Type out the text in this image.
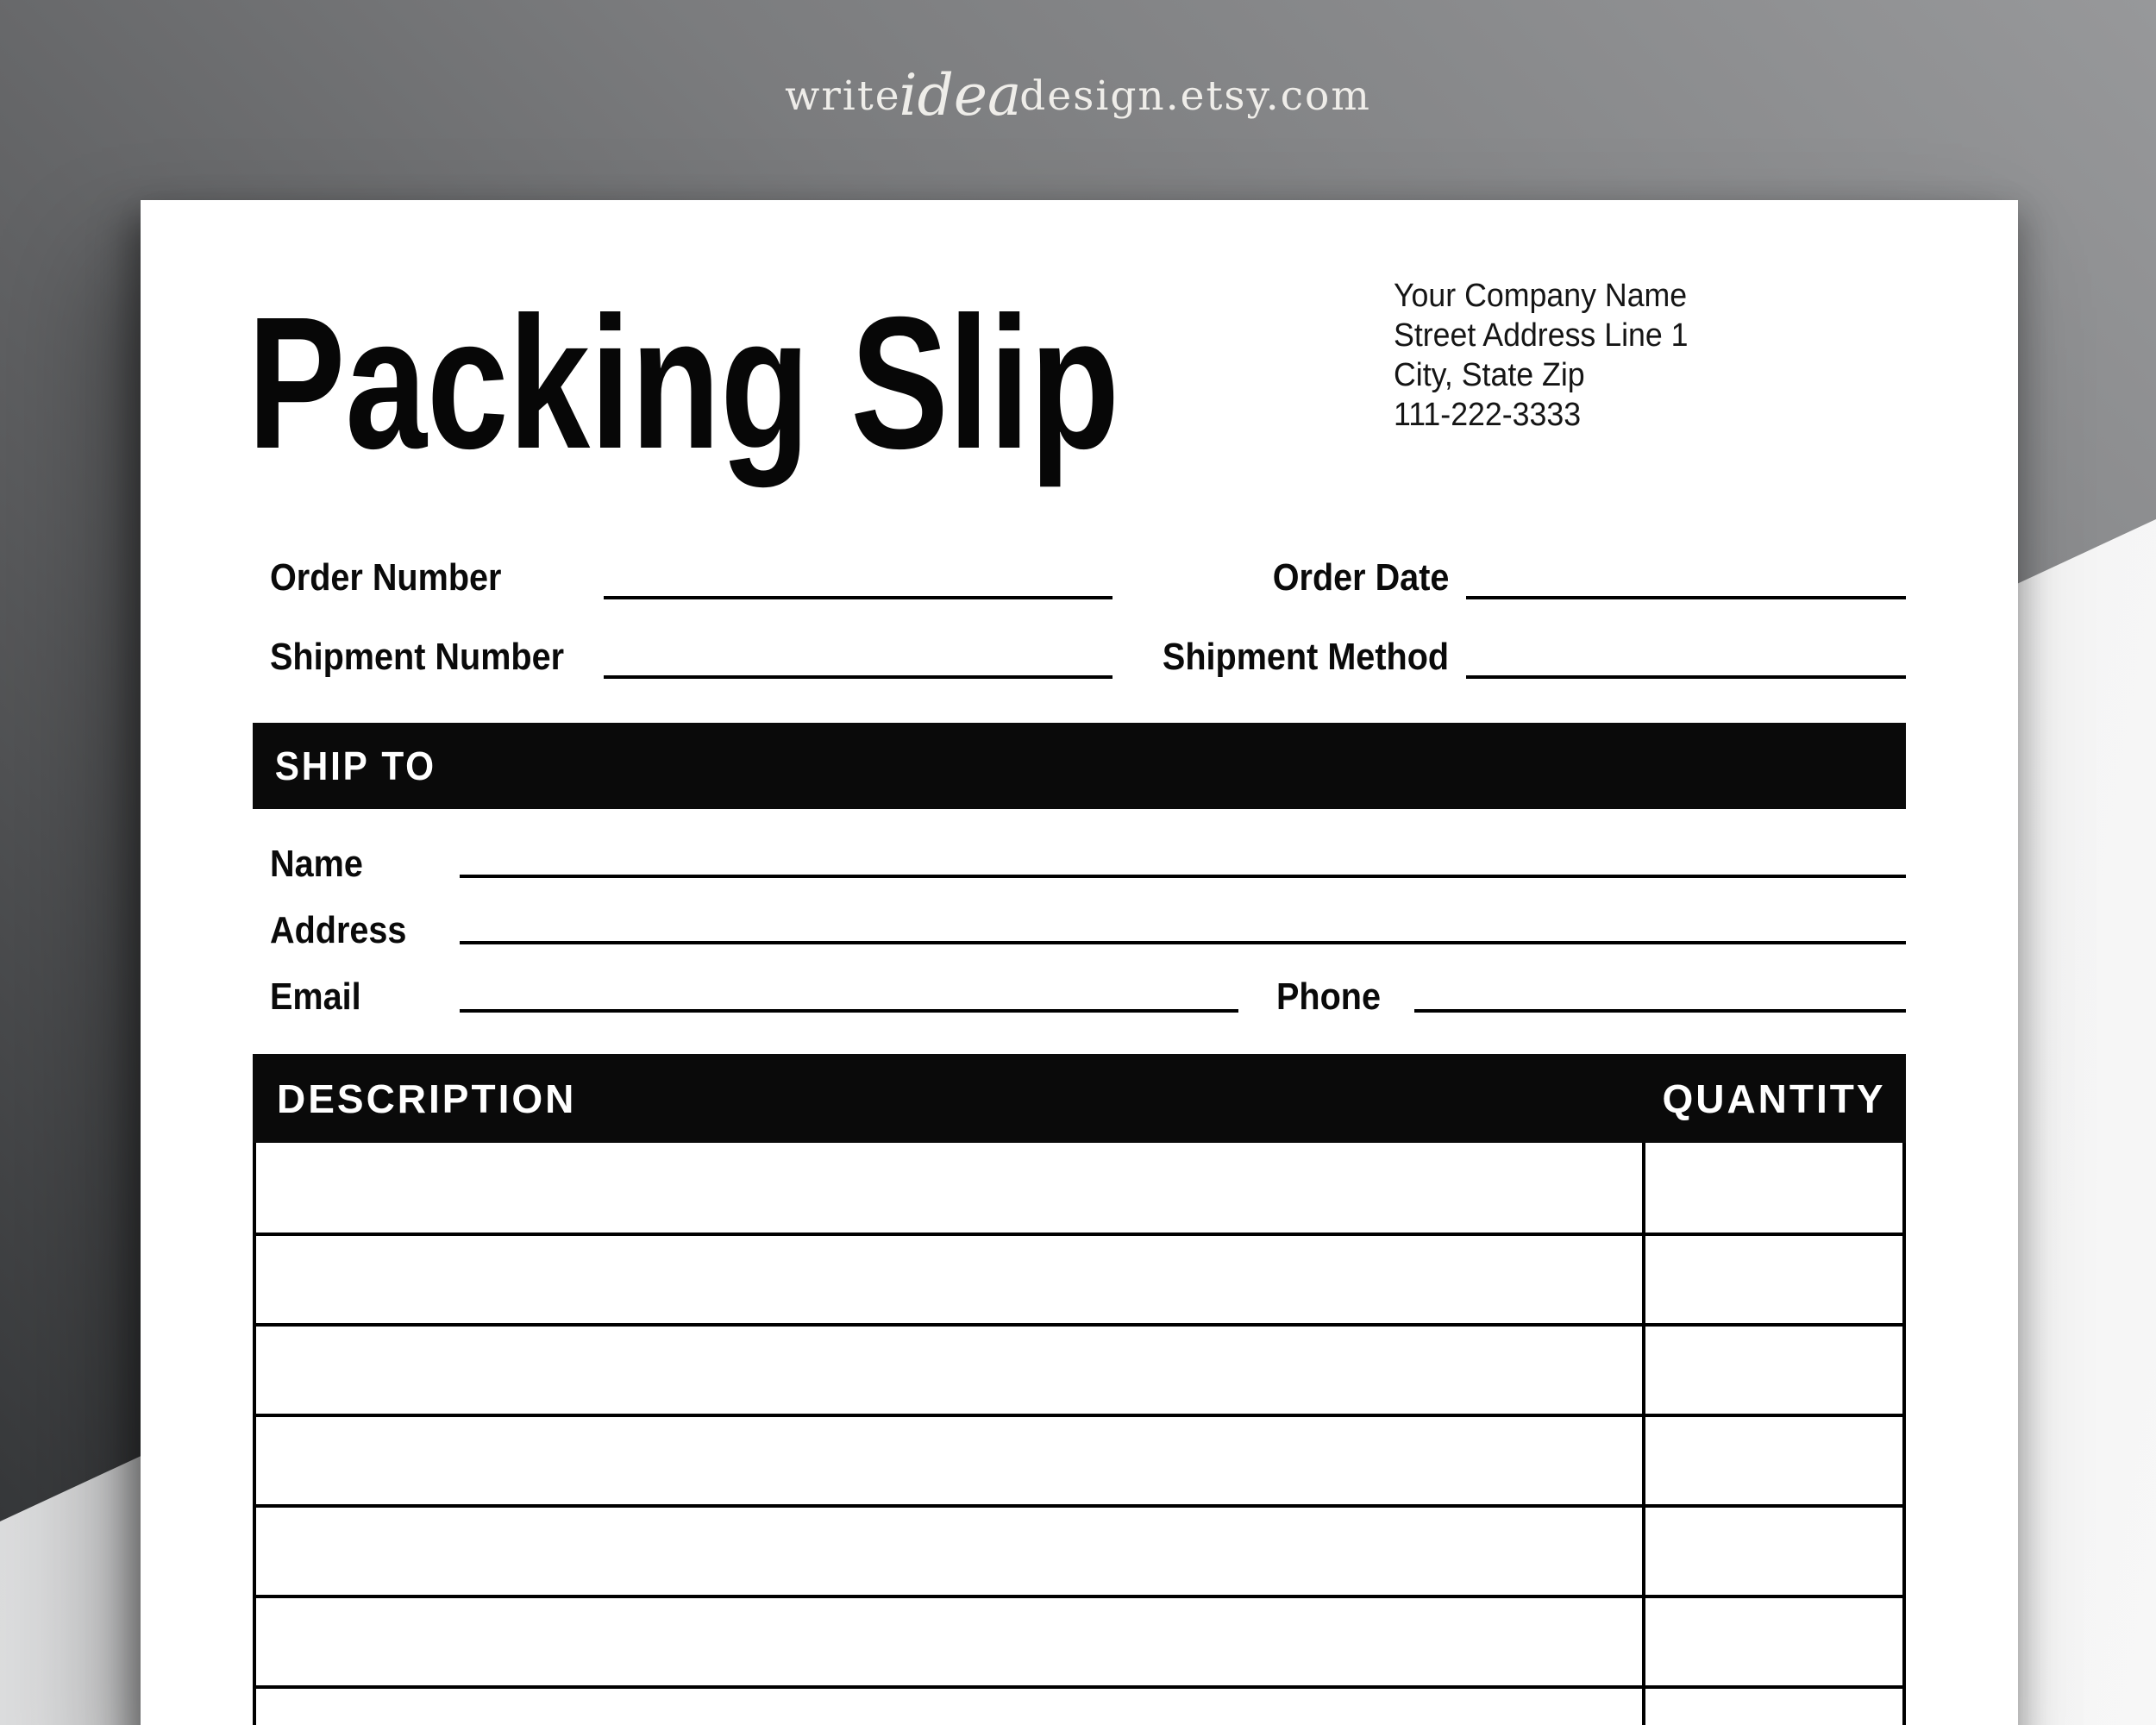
writeideadesign.etsy.com
Packing Slip	Your Company Name
Street Address Line 1
City, State Zip
111-222-3333
Order Number	Order Date
Shipment Number	Shipment Method
SHIP TO
Name
Address
Email	Phone
DESCRIPTION	QUANTITY
